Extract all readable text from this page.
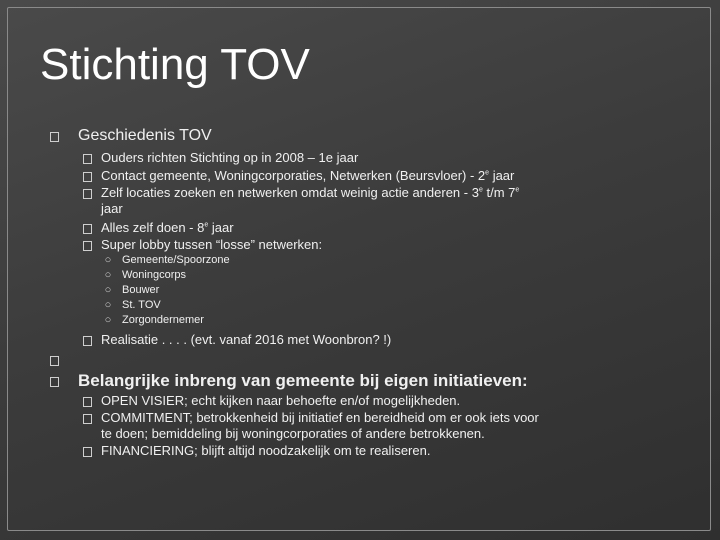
Stichting TOV
Geschiedenis TOV
Ouders richten Stichting op in 2008 – 1e jaar
Contact gemeente, Woningcorporaties, Netwerken (Beursvloer) - 2e jaar
Zelf locaties zoeken en netwerken omdat weinig actie anderen - 3e t/m 7e
jaar
Alles zelf doen - 8e jaar
Super lobby tussen “losse” netwerken:
○ Gemeente/Spoorzone
○ Woningcorps
○ Bouwer
○ St. TOV
○ Zorgondernemer
Realisatie . . . . (evt. vanaf 2016 met Woonbron? !)
Belangrijke inbreng van gemeente bij eigen initiatieven:
OPEN VISIER; echt kijken naar behoefte en/of mogelijkheden.
COMMITMENT; betrokkenheid bij initiatief en bereidheid om er ook iets voor
te doen; bemiddeling bij woningcorporaties of andere betrokkenen.
FINANCIERING; blijft altijd noodzakelijk om te realiseren.
